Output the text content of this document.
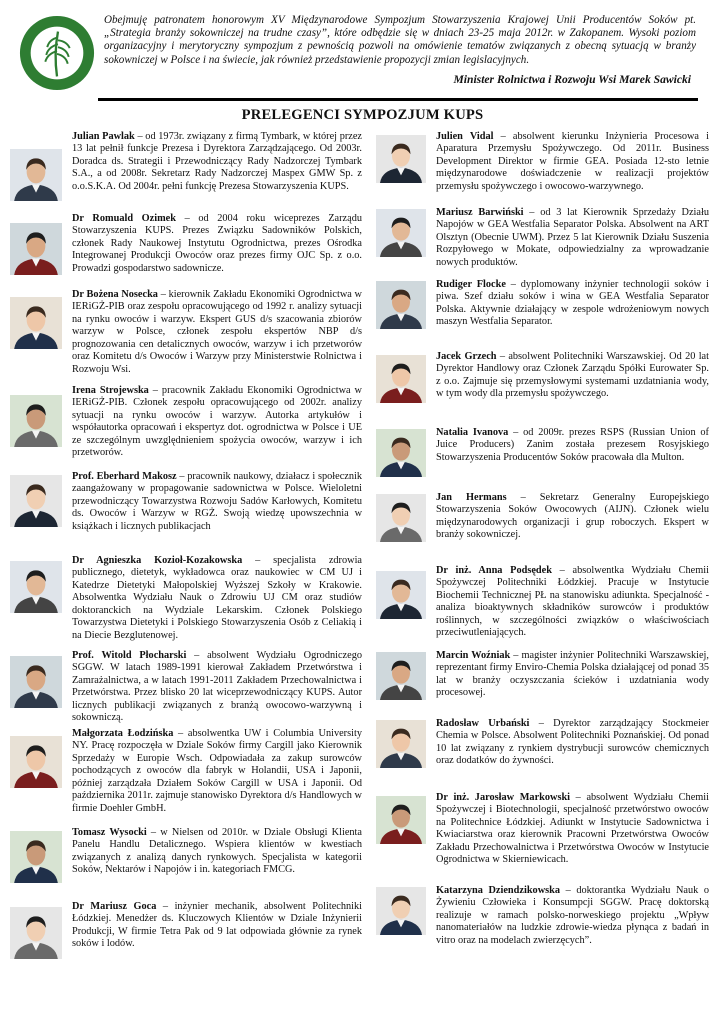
Obejmuję patronatem honorowym XV Międzynarodowe Sympozjum Stowarzyszenia Krajowej Unii Producentów Soków pt. „Strategia branży sokowniczej na trudne czasy”, które odbędzie się w dniach 23-25 maja 2012r. w Zakopanem. Wysoki poziom organizacyjny i merytoryczny sympozjum z pewnością pozwoli na omówienie tematów związanych z obecną sytuacją w branży sokowniczej w Polsce i na świecie, jak również przedstawienie propozycji zmian legislacyjnych.

Minister Rolnictwa i Rozwoju Wsi Marek Sawicki

PRELEGENCI SYMPOZJUM KUPS

Julian Pawlak – od 1973r. związany z firmą Tymbark, w której przez 13 lat pełnił funkcje Prezesa i Dyrektora Zarządzającego. Od 2003r. Doradca ds. Strategii i Przewodniczący Rady Nadzorczej Tymbark S.A., a od 2008r. Sekretarz Rady Nadzorczej Maspex GMW Sp. z o.o.S.K.A. Od 2004r. pełni funkcję Prezesa Stowarzyszenia KUPS.

Dr Romuald Ozimek – od 2004 roku wiceprezes Zarządu Stowarzyszenia KUPS. Prezes Związku Sadowników Polskich, członek Rady Naukowej Instytutu Ogrodnictwa, prezes Ośrodka Integrowanej Produkcji Owoców oraz prezes firmy OJC Sp. z o.o. Prowadzi gospodarstwo sadownicze.

Dr Bożena Nosecka – kierownik Zakładu Ekonomiki Ogrodnictwa w IERiGŻ-PIB oraz zespołu opracowującego od 1992 r. analizy sytuacji na rynku owoców i warzyw. Ekspert GUS d/s szacowania zbiorów warzyw w Polsce, członek zespołu ekspertów NBP d/s prognozowania cen detalicznych owoców, warzyw i ich przetworów oraz Komitetu d/s Owoców i Warzyw przy Ministerstwie Rolnictwa i Rozwoju Wsi.

Irena Strojewska – pracownik Zakładu Ekonomiki Ogrodnictwa w IERiGŻ-PIB. Członek zespołu opracowującego od 2002r. analizy sytuacji na rynku owoców i warzyw. Autorka artykułów i współautorka opracowań i ekspertyz dot. ogrodnictwa w Polsce i UE ze szczególnym uwzględnieniem spożycia owoców, warzyw i ich przetworów.

Prof. Eberhard Makosz – pracownik naukowy, działacz i społecznik zaangażowany w propagowanie sadownictwa w Polsce. Wieloletni przewodniczący Towarzystwa Rozwoju Sadów Karłowych, Komitetu ds. Owoców i Warzyw w RGŻ. Swoją wiedzę upowszechnia w książkach i licznych publikacjach

Dr Agnieszka Kozioł-Kozakowska – specjalista zdrowia publicznego, dietetyk, wykładowca oraz naukowiec w CM UJ i Katedrze Dietetyki Małopolskiej Wyższej Szkoły w Krakowie. Absolwentka Wydziału Nauk o Zdrowiu UJ CM oraz studiów doktoranckich na Wydziale Lekarskim. Członek Polskiego Towarzystwa Dietetyki i Polskiego Stowarzyszenia Osób z Celiakią i na Diecie Bezglutenowej.

Prof. Witold Płocharski – absolwent Wydziału Ogrodniczego SGGW. W latach 1989-1991 kierował Zakładem Przetwórstwa i Zamrażalnictwa, a w latach 1991-2011 Zakładem Przechowalnictwa i Przetwórstwa. Przez blisko 20 lat wiceprzewodniczący KUPS. Autor licznych publikacji związanych z branżą owocowo-warzywną i sokowniczą.

Małgorzata Łodzińska – absolwentka UW i Columbia University NY. Pracę rozpoczęła w Dziale Soków firmy Cargill jako Kierownik Sprzedaży w Europie Wsch. Odpowiadała za zakup surowców pochodzących z owoców dla fabryk w Holandii, USA i Japonii, później zarządzała Działem Soków Cargill w USA i Japonii. Od października 2011r. zajmuje stanowisko Dyrektora d/s Handlowych w firmie Doehler GmbH.

Tomasz Wysocki – w Nielsen od 2010r. w Dziale Obsługi Klienta Panelu Handlu Detalicznego. Wspiera klientów w kwestiach związanych z analizą danych rynkowych. Specjalista w kategorii Soków, Nektarów i Napojów i in. kategoriach FMCG.

Dr Mariusz Goca – inżynier mechanik, absolwent Politechniki Łódzkiej. Menedżer ds. Kluczowych Klientów w Dziale Inżynierii Produkcji, W firmie Tetra Pak od 9 lat odpowiada głównie za rynek soków i lodów.

Julien Vidal – absolwent kierunku Inżynieria Procesowa i Aparatura Przemysłu Spożywczego. Od 2011r. Business Development Direktor w firmie GEA. Posiada 12-sto letnie międzynarodowe doświadczenie w realizacji projektów przemysłu spożywczego i owocowo-warzywnego.

Mariusz Barwiński – od 3 lat Kierownik Sprzedaży Działu Napojów w GEA Westfalia Separator Polska. Absolwent na ART Olsztyn (Obecnie UWM). Przez 5 lat Kierownik Działu Suszenia Rozpyłowego w Mokate, odpowiedzialny za wprowadzanie nowych produktów.

Rudiger Flocke – dyplomowany inżynier technologii soków i piwa. Szef działu soków i wina w GEA Westfalia Separator Polska. Aktywnie działający w zespole wdrożeniowym nowych maszyn Westfalia Separator.

Jacek Grzech – absolwent Politechniki Warszawskiej. Od 20 lat Dyrektor Handlowy oraz Członek Zarządu Spółki Eurowater Sp. z o.o. Zajmuje się przemysłowymi systemami uzdatniania wody, w tym wody dla przemysłu spożywczego.

Natalia Ivanova – od 2009r. prezes RSPS (Russian Union of Juice Producers) Zanim została prezesem Rosyjskiego Stowarzyszenia Producentów Soków pracowała dla Multon.

Jan Hermans – Sekretarz Generalny Europejskiego Stowarzyszenia Soków Owocowych (AIJN). Członek wielu międzynarodowych organizacji i grup roboczych. Ekspert w branży sokowniczej.

Dr inż. Anna Podsędek – absolwentka Wydziału Chemii Spożywczej Politechniki Łódzkiej. Pracuje w Instytucie Biochemii Technicznej PŁ na stanowisku adiunkta. Specjalność - analiza bioaktywnych składników surowców i produktów roślinnych, w szczególności związków o właściwościach przeciwutleniających.

Marcin Woźniak – magister inżynier Politechniki Warszawskiej, reprezentant firmy Enviro-Chemia Polska działającej od ponad 35 lat w branży oczyszczania ścieków i uzdatniania wody procesowej.

Radosław Urbański – Dyrektor zarządzający Stockmeier Chemia w Polsce. Absolwent Politechniki Poznańskiej. Od ponad 10 lat związany z rynkiem dystrybucji surowców chemicznych oraz dodatków do żywności.

Dr inż. Jarosław Markowski – absolwent Wydziału Chemii Spożywczej i Biotechnologii, specjalność przetwórstwo owoców na Politechnice Łódzkiej. Adiunkt w Instytucie Sadownictwa i Kwiaciarstwa oraz kierownik Pracowni Przetwórstwa Owoców Zakładu Przechowalnictwa i Przetwórstwa Owoców w Instytucie Ogrodnictwa w Skierniewicach.

Katarzyna Dziendzikowska – doktorantka Wydziału Nauk o Żywieniu Człowieka i Konsumpcji SGGW. Pracę doktorską realizuje w ramach polsko-norweskiego projektu „Wpływ nanomateriałów na ludzkie zdrowie-wiedza płynąca z badań in vitro oraz na modelach zwierzęcych”.
